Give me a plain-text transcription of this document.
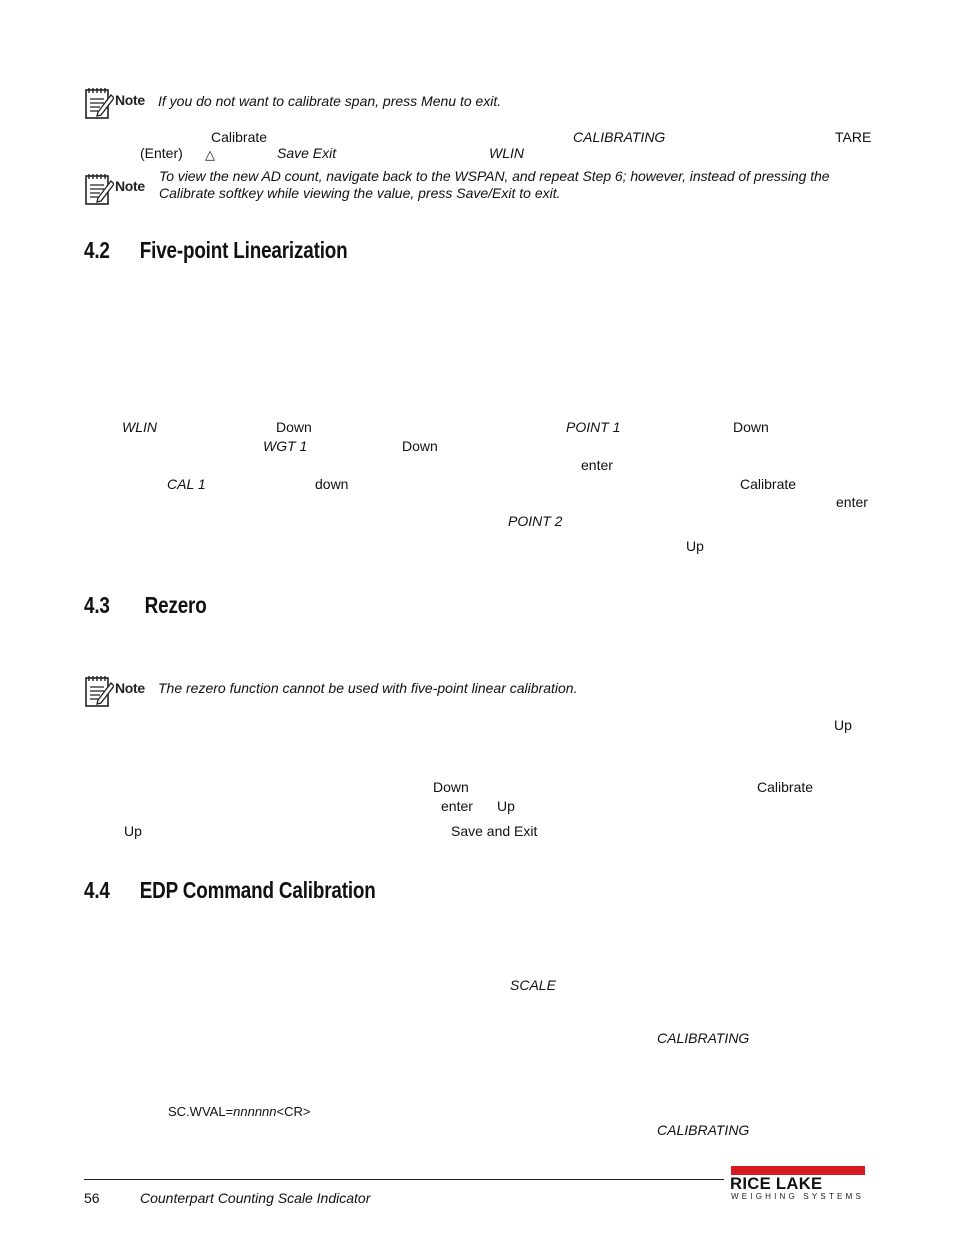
Note If you do not want to calibrate span, press Menu to exit.
Calibrate	CALIBRATING	TARE
(Enter) △	Save Exit	WLIN
Note
To view the new AD count, navigate back to the WSPAN, and repeat Step 6; however, instead of pressing the
Calibrate softkey while viewing the value, press Save/Exit to exit.
4.2 Five-point Linearization
WLIN	Down	POINT 1	Down
WGT 1	Down
enter
CAL 1	down	Calibrate
enter
POINT 2
Up
4.3 Rezero
Note The rezero function cannot be used with five-point linear calibration.
Up
Down	Calibrate
enter Up
Up	Save and Exit
4.4 EDP Command Calibration
SCALE
CALIBRATING
SC.WVAL=nnnnnn<CR>
CALIBRATING
56	Counterpart Counting Scale Indicator
RICE LAKE
WEIGHING SYSTEMS
